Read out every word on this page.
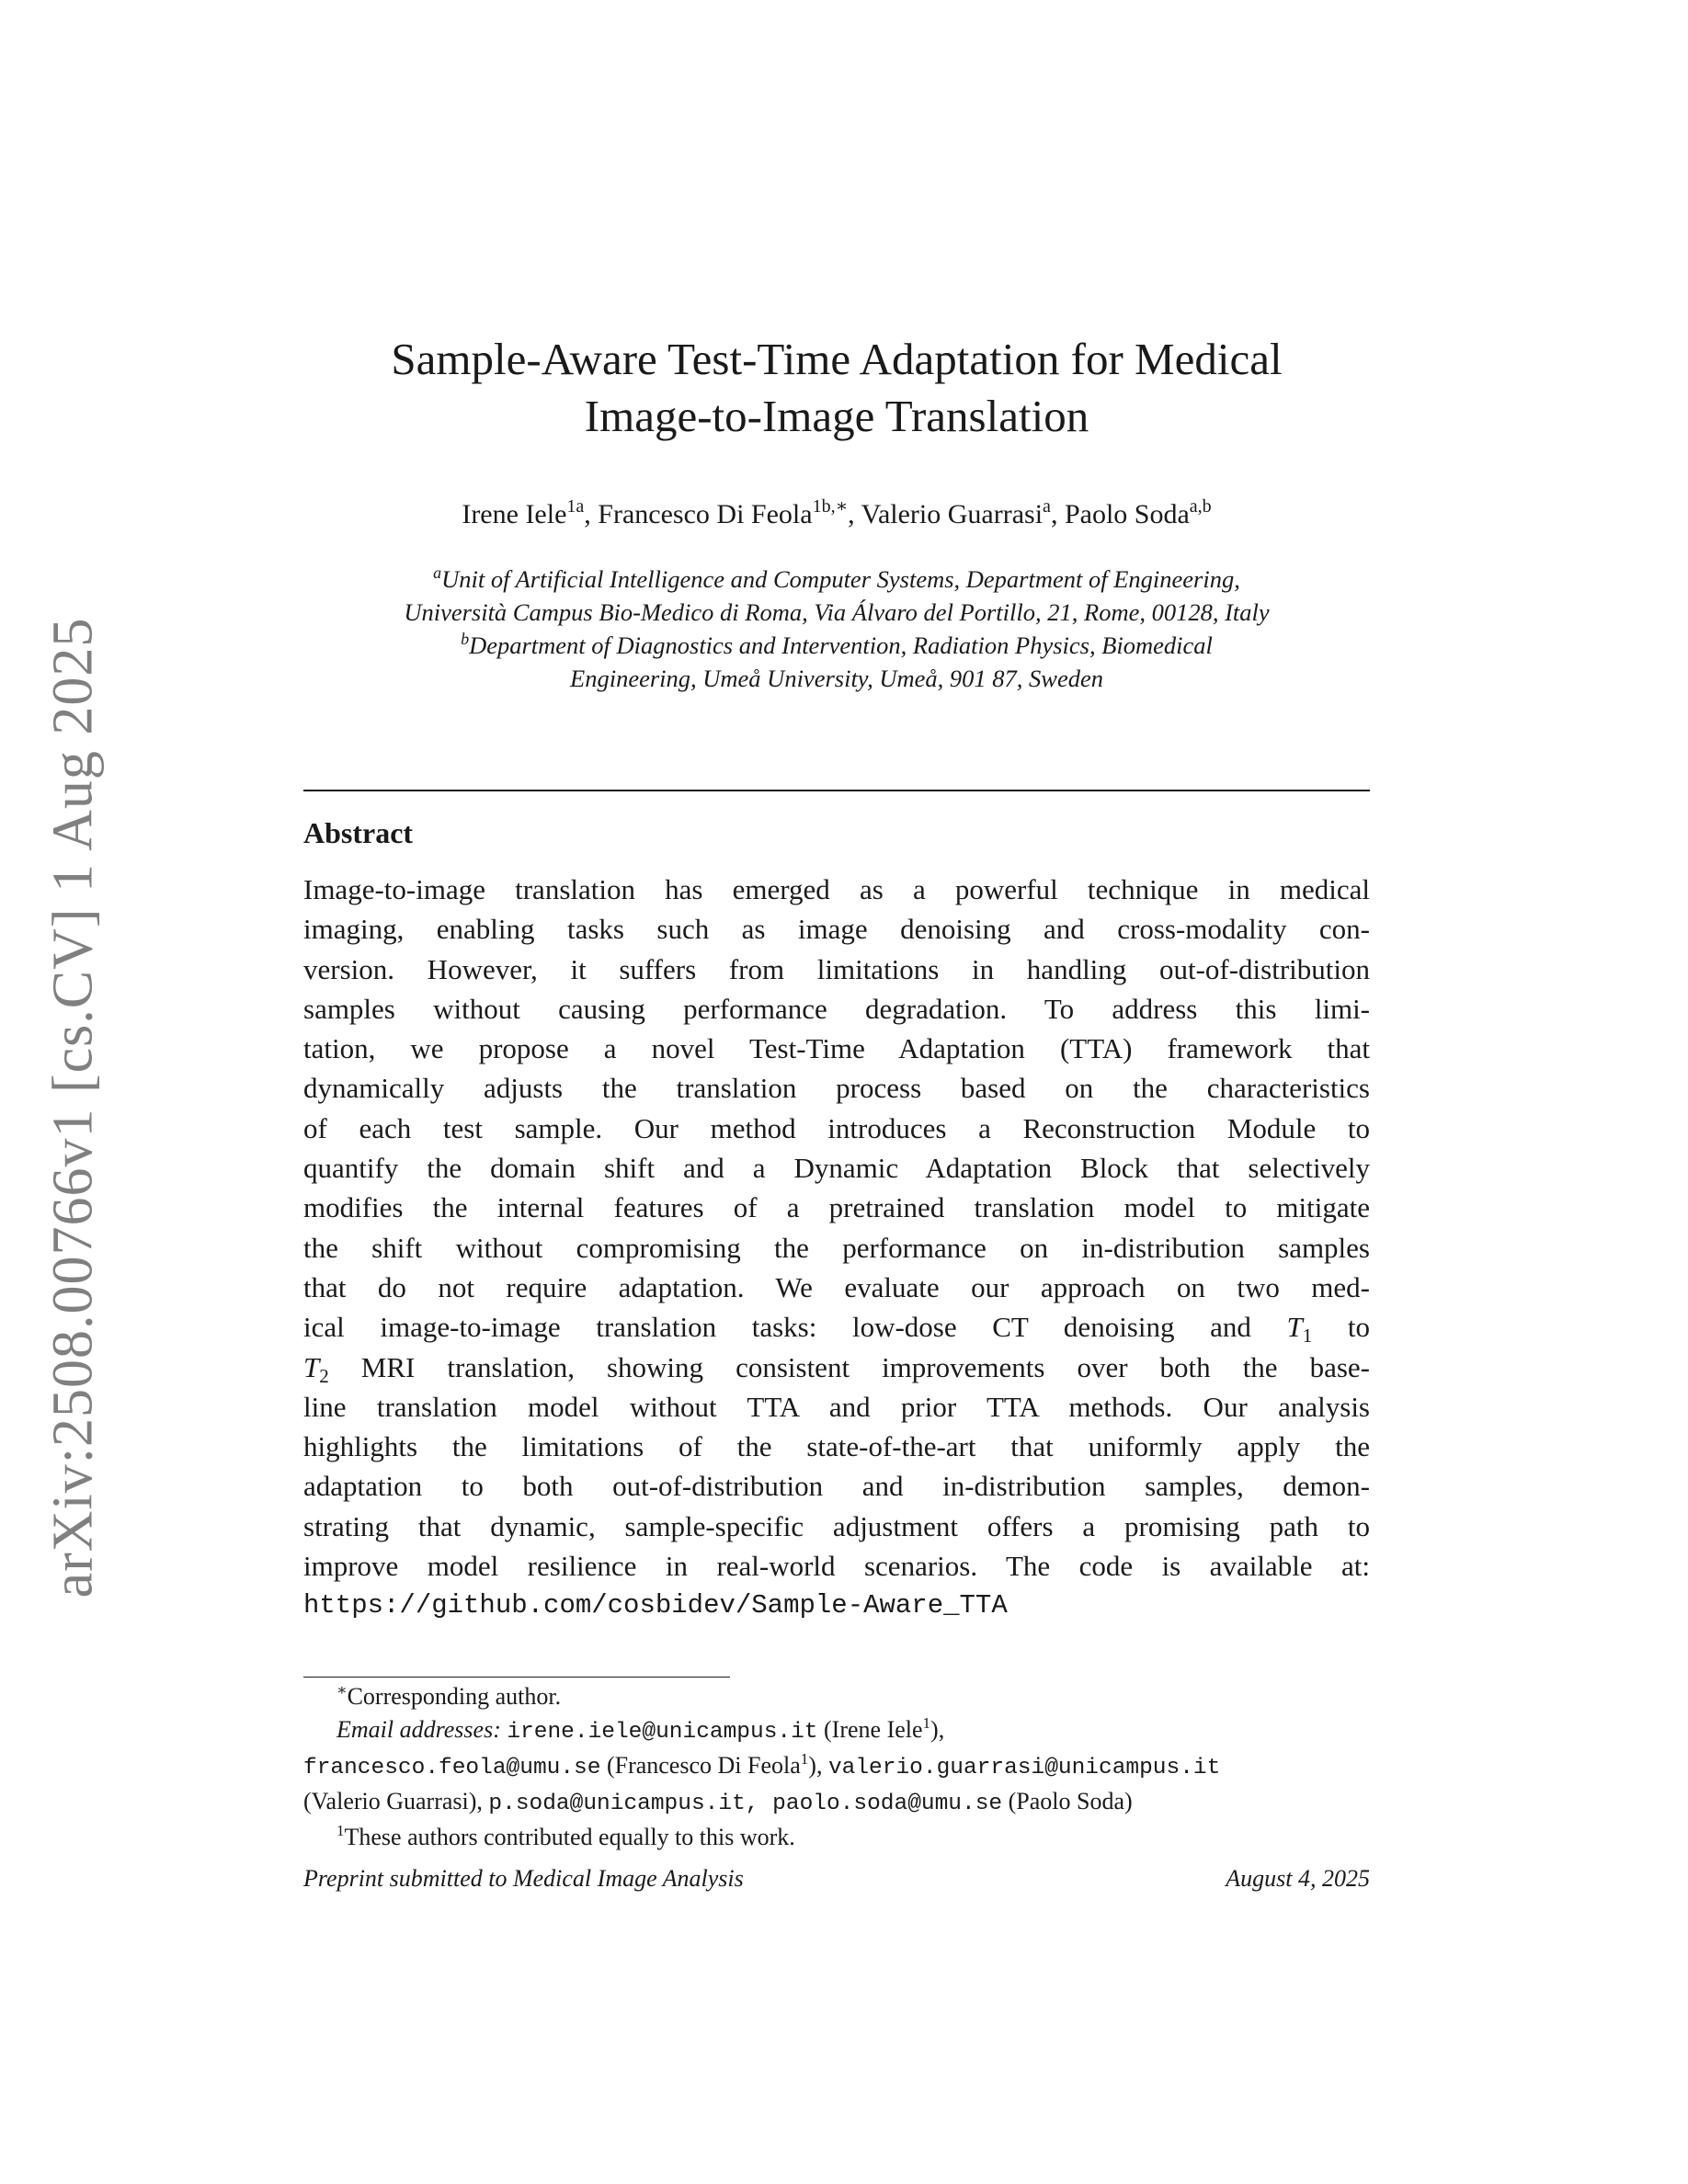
arXiv:2508.00766v1 [cs.CV] 1 Aug 2025
Sample-Aware Test-Time Adaptation for Medical
Image-to-Image Translation
Irene Iele$^{1a}$, Francesco Di Feola$^{1b,∗}$, Valerio Guarrasi$^a$, Paolo Soda$^{a,b}$
$^a$Unit of Artificial Intelligence and Computer Systems, Department of Engineering,
Università Campus Bio-Medico di Roma, Via Álvaro del Portillo, 21, Rome, 00128, Italy
$^b$Department of Diagnostics and Intervention, Radiation Physics, Biomedical
Engineering, Umeå University, Umeå, 901 87, Sweden
Abstract
Image-to-image translation has emerged as a powerful technique in medical
imaging, enabling tasks such as image denoising and cross-modality con-
version. However, it suffers from limitations in handling out-of-distribution
samples without causing performance degradation. To address this limi-
tation, we propose a novel Test-Time Adaptation (TTA) framework that
dynamically adjusts the translation process based on the characteristics
of each test sample. Our method introduces a Reconstruction Module to
quantify the domain shift and a Dynamic Adaptation Block that selectively
modifies the internal features of a pretrained translation model to mitigate
the shift without compromising the performance on in-distribution samples
that do not require adaptation. We evaluate our approach on two med-
ical image-to-image translation tasks: low-dose CT denoising and $T_1$ to
$T_2$ MRI translation, showing consistent improvements over both the base-
line translation model without TTA and prior TTA methods. Our analysis
highlights the limitations of the state-of-the-art that uniformly apply the
adaptation to both out-of-distribution and in-distribution samples, demon-
strating that dynamic, sample-specific adjustment offers a promising path to
improve model resilience in real-world scenarios. The code is available at:
https://github.com/cosbidev/Sample-Aware_TTA
∗Corresponding author.
Email addresses: irene.iele@unicampus.it (Irene Iele$^1$),
francesco.feola@umu.se (Francesco Di Feola$^1$), valerio.guarrasi@unicampus.it
(Valerio Guarrasi), p.soda@unicampus.it, paolo.soda@umu.se (Paolo Soda)
$^1$These authors contributed equally to this work.
Preprint submitted to Medical Image Analysis	August 4, 2025
